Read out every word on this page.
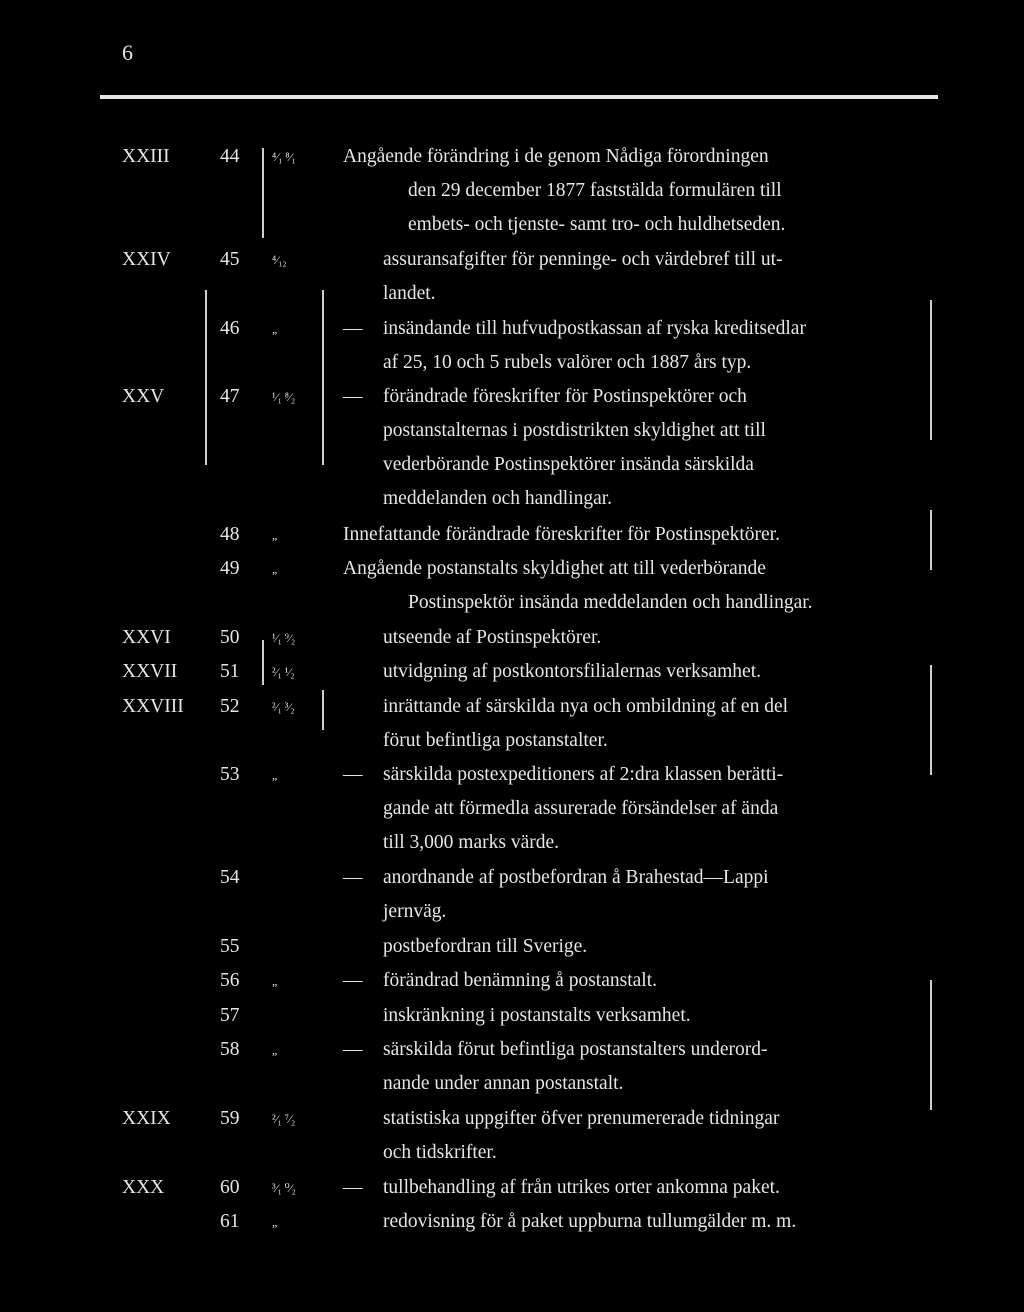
6
XXIII	44	⁴⁄₁ ⁸⁄₁ Angående förändring i de genom Nådiga förordningen
den 29 december 1877 faststälda formulären till
embets- och tjenste- samt tro- och huldhetseden.
XXIV	45	⁴⁄₁₂	assuransafgifter för penninge- och värdebref till ut-
landet.
46	„	— insändande till hufvudpostkassan af ryska kreditsedlar
af 25, 10 och 5 rubels valörer och 1887 års typ.
XXV	47	¹⁄₁ ⁸⁄₂ — förändrade föreskrifter för Postinspektörer och
postanstalternas i postdistrikten skyldighet att till
vederbörande Postinspektörer insända särskilda
meddelanden och handlingar.
48	„	Innefattande förändrade föreskrifter för Postinspektörer.
49	„	Angående postanstalts skyldighet att till vederbörande
Postinspektör insända meddelanden och handlingar.
XXVI	50	¹⁄₁ ⁹⁄₂	utseende af Postinspektörer.
XXVII 51	²⁄₁ ¹⁄₂	utvidgning af postkontorsfilialernas verksamhet.
XXVIII 52	²⁄₁ ³⁄₂	inrättande af särskilda nya och ombildning af en del
förut befintliga postanstalter.
53	„	— särskilda postexpeditioners af 2:dra klassen berätti-
gande att förmedla assurerade försändelser af ända
till 3,000 marks värde.
54	— anordnande af postbefordran å Brahestad—Lappi
jernväg.
55	postbefordran till Sverige.
56	„	— förändrad benämning å postanstalt.
57	inskränkning i postanstalts verksamhet.
58	„	— särskilda förut befintliga postanstalters underord-
nande under annan postanstalt.
XXIX	59	²⁄₁ ⁷⁄₂	statistiska uppgifter öfver prenumererade tidningar
och tidskrifter.
XXX	60	³⁄₁ ⁰⁄₂ — tullbehandling af från utrikes orter ankomna paket.
61	„	redovisning för å paket uppburna tullumgälder m. m.
